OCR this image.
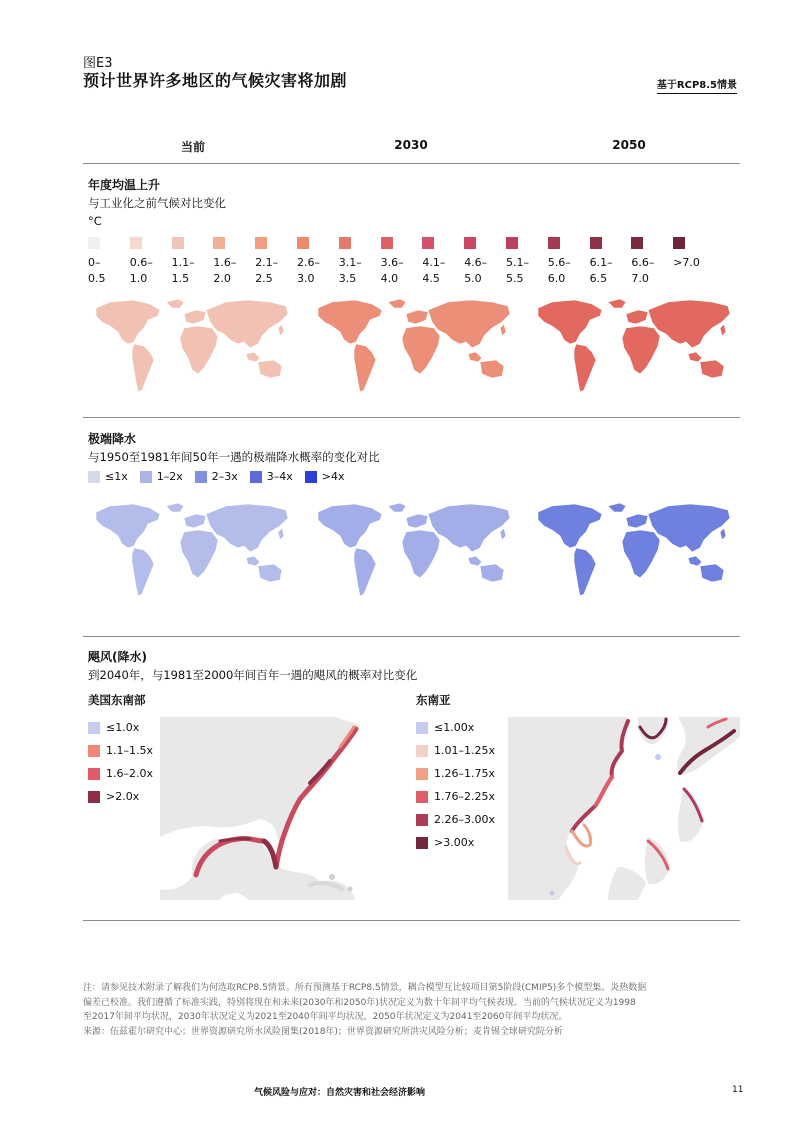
图E3
预计世界许多地区的气候灾害将加剧	基于RCP8.5情景
当前	2030	2050
年度均温上升
与工业化之前气候对比变化
°C
0–
0.5
0.6–
1.0
1.1–
1.5
1.6–
2.0
2.1–
2.5
2.6–
3.0
3.1–
3.5
3.6–
4.0
4.1–
4.5
4.6–
5.0
5.1–
5.5
5.6–
6.0
6.1–
6.5
6.6–
7.0
>7.0
极端降水
与1950至1981年间50年一遇的极端降水概率的变化对比
≤1x	1–2x	2–3x	3–4x	>4x
飓风(降水)
到2040年，与1981至2000年间百年一遇的飓风的概率对比变化
美国东南部
≤1.0x
1.1–1.5x
1.6–2.0x
>2.0x
东南亚
≤1.00x
1.01–1.25x
1.26–1.75x
1.76–2.25x
2.26–3.00x
>3.00x
注：请参见技术附录了解我们为何选取RCP8.5情景。所有预测基于RCP8.5情景，耦合模型互比较项目第5阶段(CMIP5)多个模型集。炎热数据
偏差已校准。我们遵循了标准实践，特别将现在和未来(2030年和2050年)状况定义为数十年间平均气候表现。当前的气候状况定义为1998
至2017年间平均状况，2030年状况定义为2021至2040年间平均状况，2050年状况定义为2041至2060年间平均状况。
来源：伍兹霍尔研究中心；世界资源研究所水风险图集(2018年)；世界资源研究所洪灾风险分析；麦肯锡全球研究院分析
气候风险与应对：自然灾害和社会经济影响	11
